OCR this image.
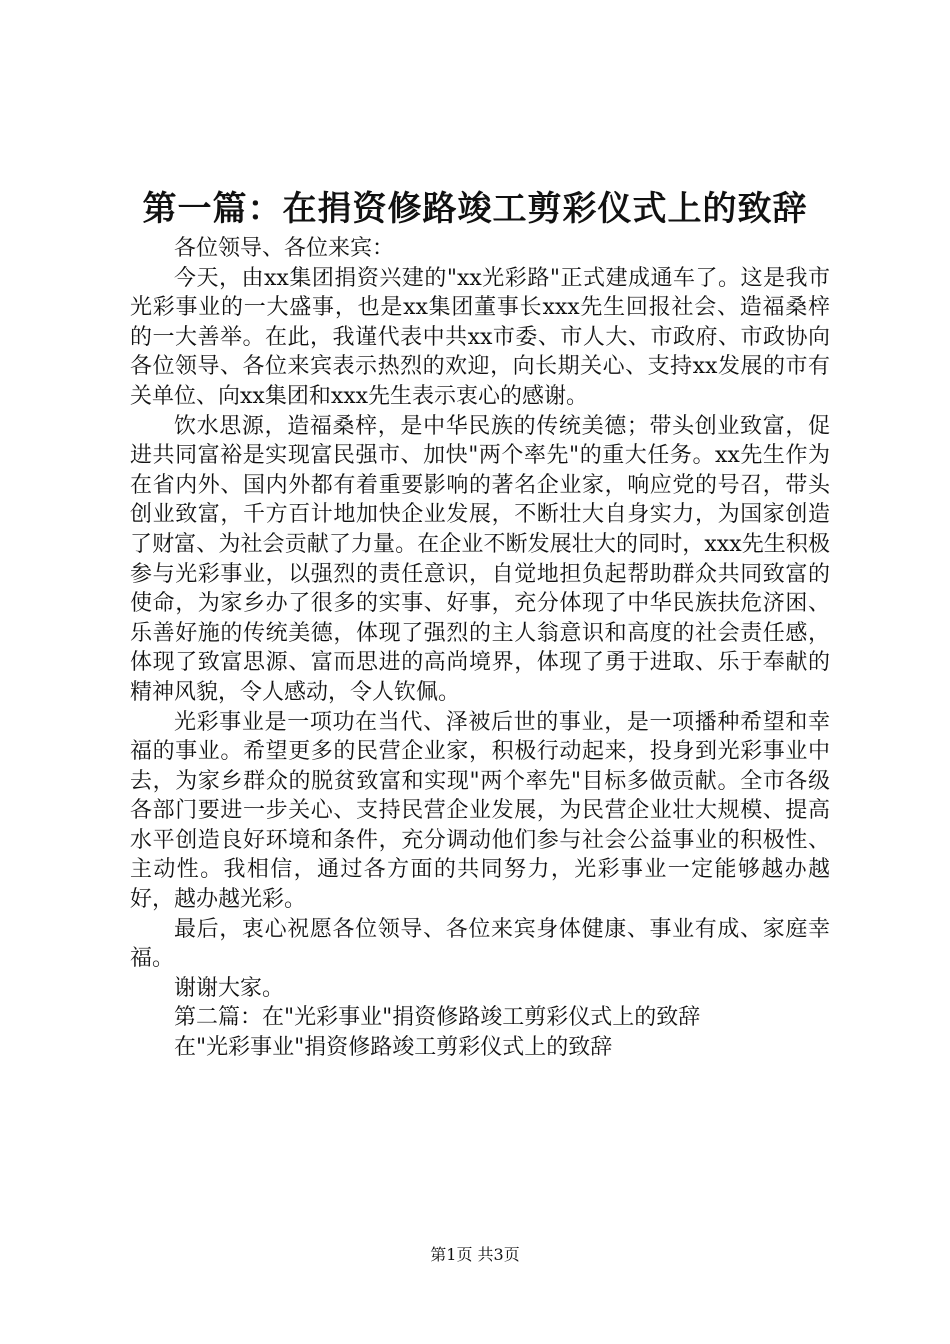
第一篇：在捐资修路竣工剪彩仪式上的致辞

各位领导、各位来宾：

今天，由xx集团捐资兴建的"xx光彩路"正式建成通车了。这是我市光彩事业的一大盛事，也是xx集团董事长xxx先生回报社会、造福桑梓的一大善举。在此，我谨代表中共xx市委、市人大、市政府、市政协向各位领导、各位来宾表示热烈的欢迎，向长期关心、支持xx发展的市有关单位、向xx集团和xxx先生表示衷心的感谢。

饮水思源，造福桑梓，是中华民族的传统美德；带头创业致富，促进共同富裕是实现富民强市、加快"两个率先"的重大任务。xx先生作为在省内外、国内外都有着重要影响的著名企业家，响应党的号召，带头创业致富，千方百计地加快企业发展，不断壮大自身实力，为国家创造了财富、为社会贡献了力量。在企业不断发展壮大的同时，xxx先生积极参与光彩事业，以强烈的责任意识，自觉地担负起帮助群众共同致富的使命，为家乡办了很多的实事、好事，充分体现了中华民族扶危济困、乐善好施的传统美德，体现了强烈的主人翁意识和高度的社会责任感，体现了致富思源、富而思进的高尚境界，体现了勇于进取、乐于奉献的精神风貌，令人感动，令人钦佩。

光彩事业是一项功在当代、泽被后世的事业，是一项播种希望和幸福的事业。希望更多的民营企业家，积极行动起来，投身到光彩事业中去，为家乡群众的脱贫致富和实现"两个率先"目标多做贡献。全市各级各部门要进一步关心、支持民营企业发展，为民营企业壮大规模、提高水平创造良好环境和条件，充分调动他们参与社会公益事业的积极性、主动性。我相信，通过各方面的共同努力，光彩事业一定能够越办越好，越办越光彩。

最后，衷心祝愿各位领导、各位来宾身体健康、事业有成、家庭幸福。

谢谢大家。

第二篇：在"光彩事业"捐资修路竣工剪彩仪式上的致辞

在"光彩事业"捐资修路竣工剪彩仪式上的致辞

第1页 共3页
